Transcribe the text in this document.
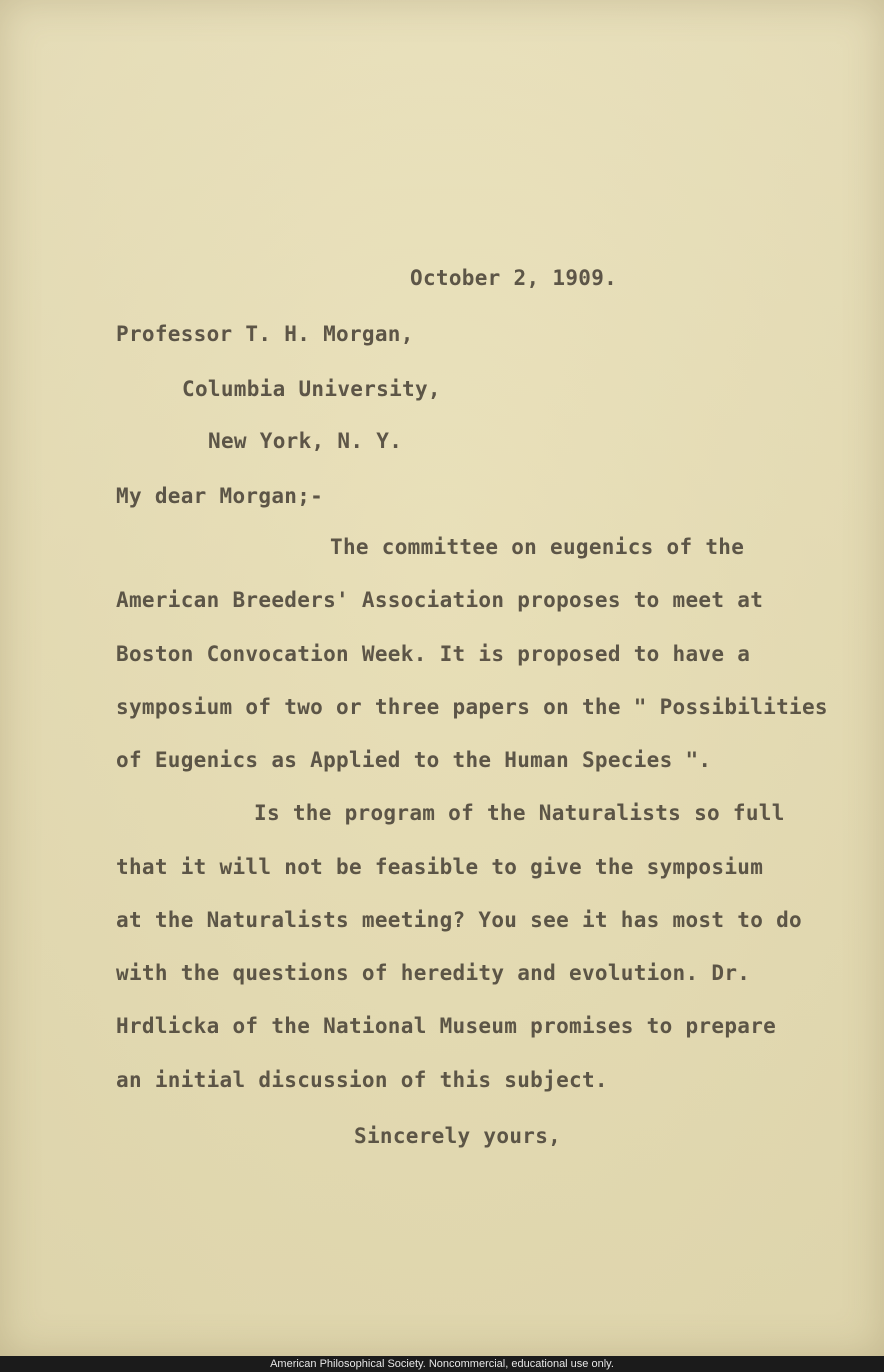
October 2, 1909.
Professor T. H. Morgan,
Columbia University,
New York, N. Y.
My dear Morgan;-
The committee on eugenics of the
American Breeders' Association proposes to meet at
Boston Convocation Week. It is proposed to have a
symposium of two or three papers on the " Possibilities
of Eugenics as Applied to the Human Species ".
Is the program of the Naturalists so full
that it will not be feasible to give the symposium
at the Naturalists meeting? You see it has most to do
with the questions of heredity and evolution. Dr.
Hrdlicka of the National Museum promises to prepare
an initial discussion of this subject.
Sincerely yours,
American Philosophical Society. Noncommercial, educational use only.
